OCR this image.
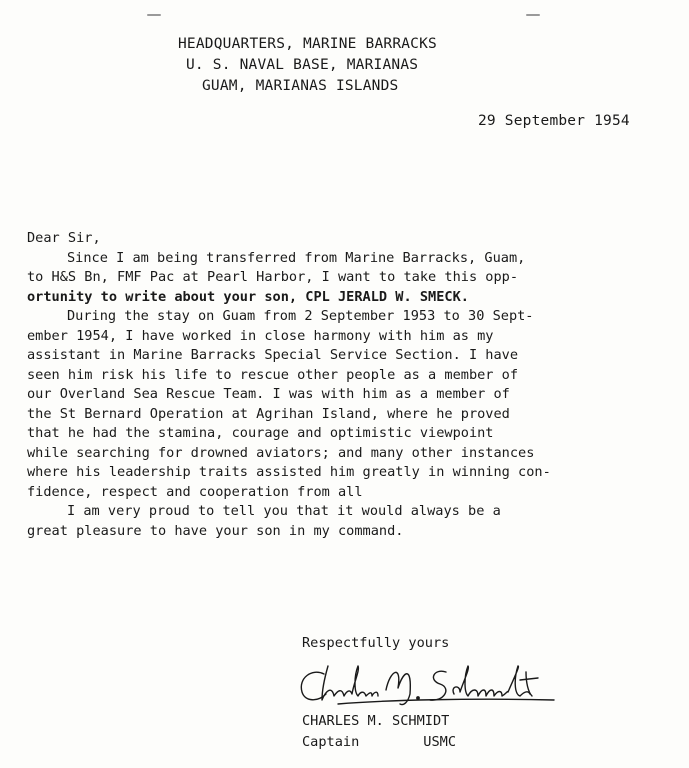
HEADQUARTERS, MARINE BARRACKS
U. S. NAVAL BASE, MARIANAS
GUAM, MARIANAS ISLANDS
29 September 1954
Dear Sir,
Since I am being transferred from Marine Barracks, Guam,
to H&S Bn, FMF Pac at Pearl Harbor, I want to take this opp-
ortunity to write about your son, CPL JERALD W. SMECK.
During the stay on Guam from 2 September 1953 to 30 Sept-
ember 1954, I have worked in close harmony with him as my
assistant in Marine Barracks Special Service Section. I have
seen him risk his life to rescue other people as a member of
our Overland Sea Rescue Team. I was with him as a member of
the St Bernard Operation at Agrihan Island, where he proved
that he had the stamina, courage and optimistic viewpoint
while searching for drowned aviators; and many other instances
where his leadership traits assisted him greatly in winning con-
fidence, respect and cooperation from all
I am very proud to tell you that it would always be a
great pleasure to have your son in my command.
Respectfully yours
CHARLES M. SCHMIDT
Captain	USMC
